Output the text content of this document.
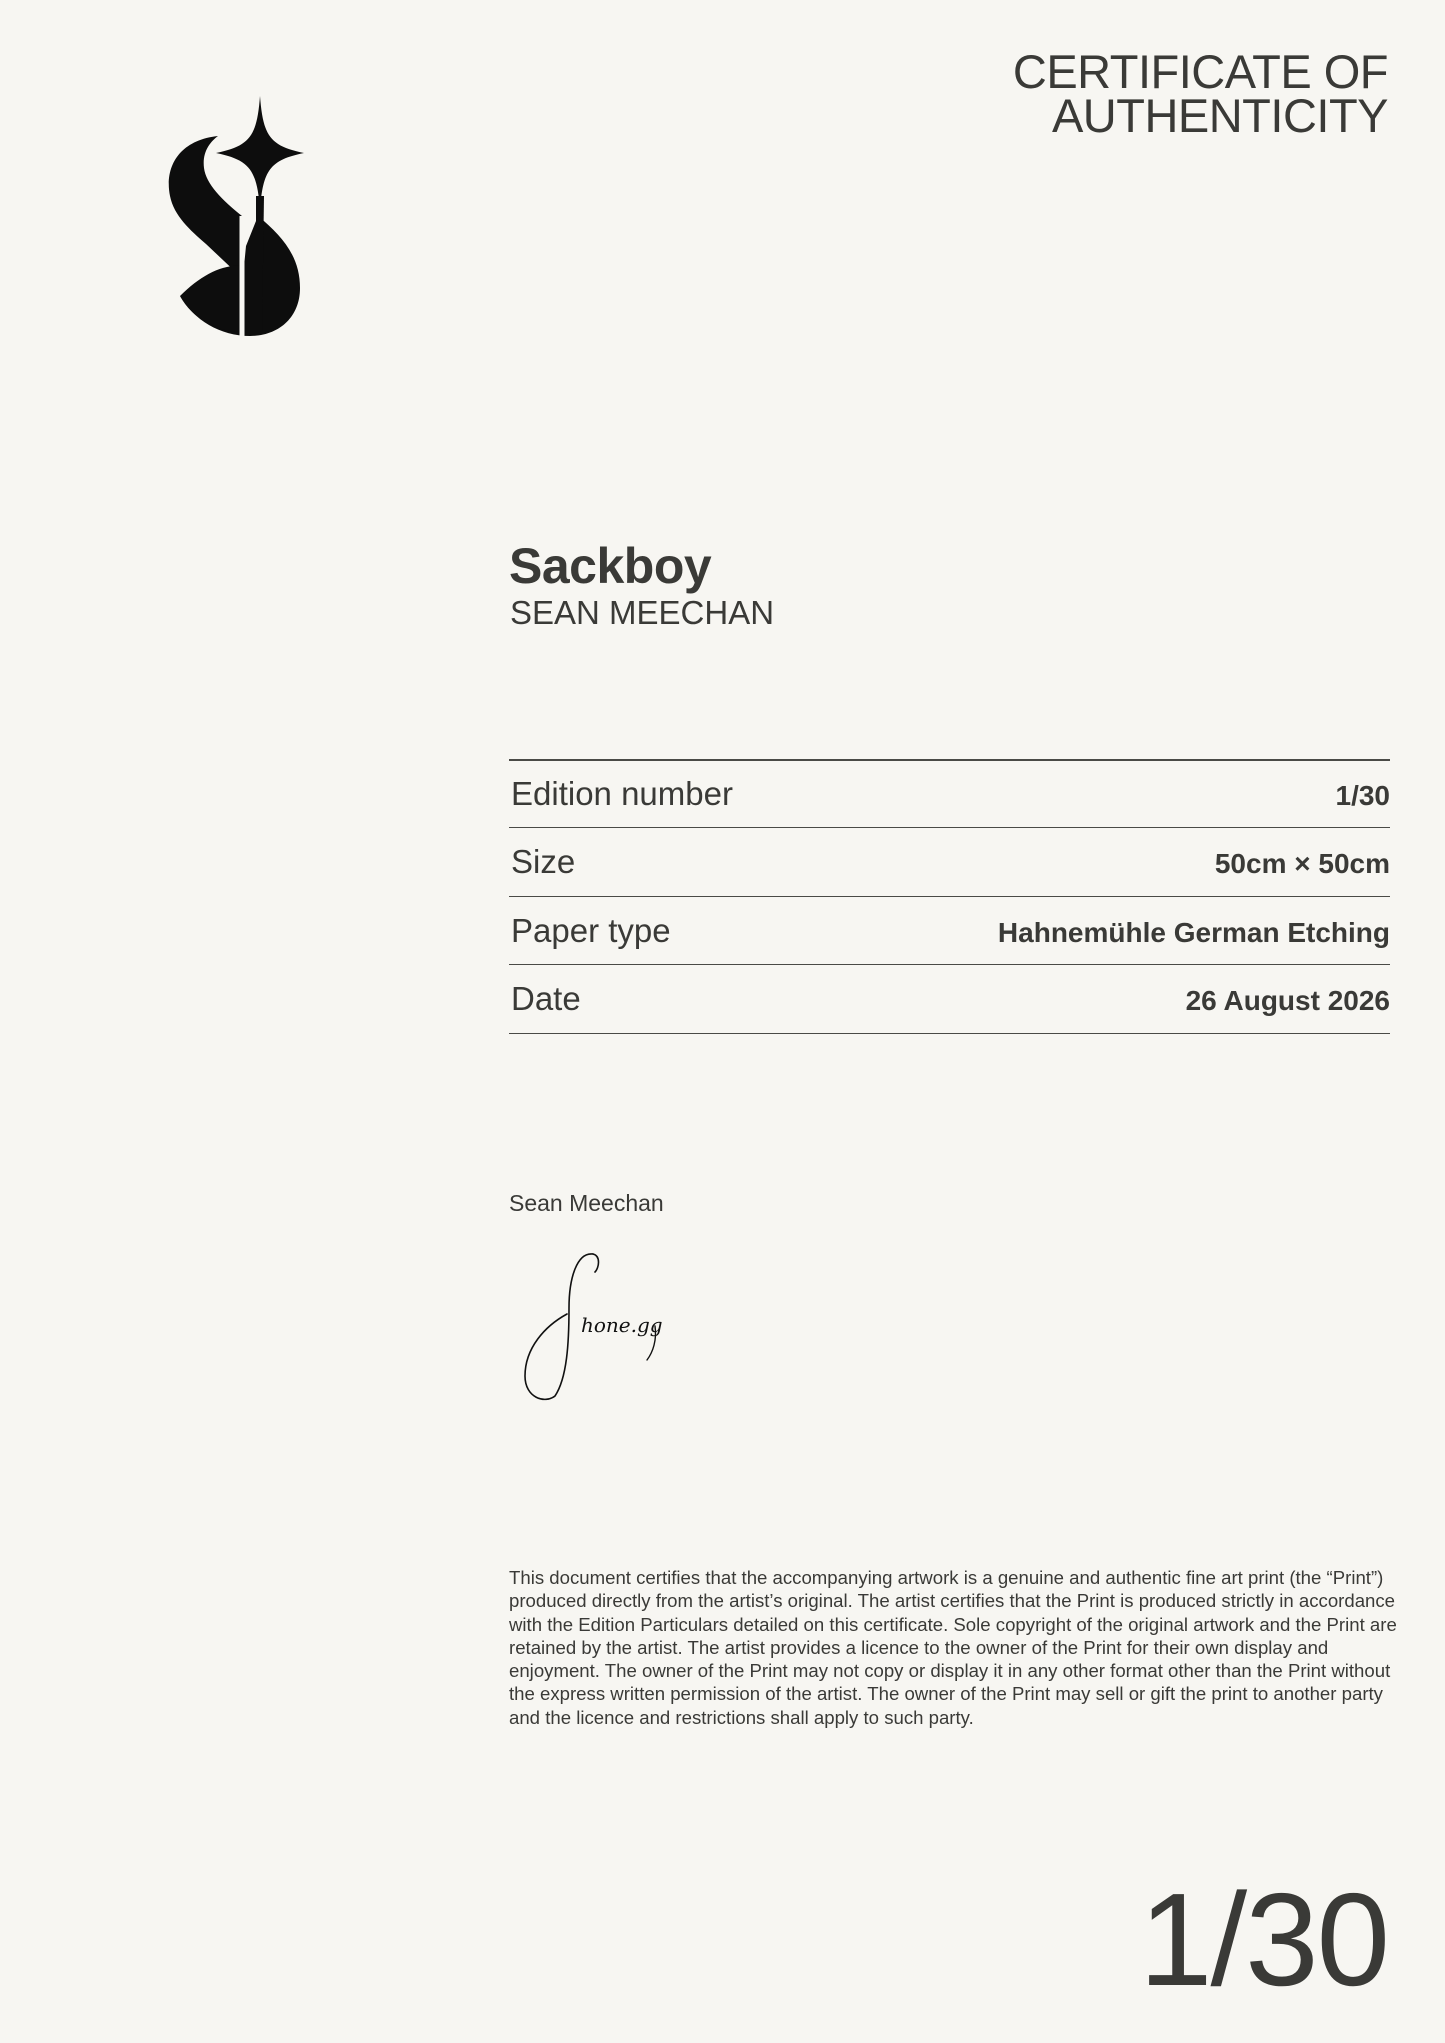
CERTIFICATE OF
AUTHENTICITY
Sackboy
SEAN MEECHAN
Edition number	1/30
Size	50cm × 50cm
Paper type	Hahnemühle German Etching
Date	26 August 2026
Sean Meechan
hone.gg
This document certifies that the accompanying artwork is a genuine and authentic fine art print (the “Print”) produced directly from the artist’s original. The artist certifies that the Print is produced strictly in accordance with the Edition Particulars detailed on this certificate. Sole copyright of the original artwork and the Print are retained by the artist. The artist provides a licence to the owner of the Print for their own display and enjoyment. The owner of the Print may not copy or display it in any other format other than the Print without the express written permission of the artist. The owner of the Print may sell or gift the print to another party and the licence and restrictions shall apply to such party.
1/30
